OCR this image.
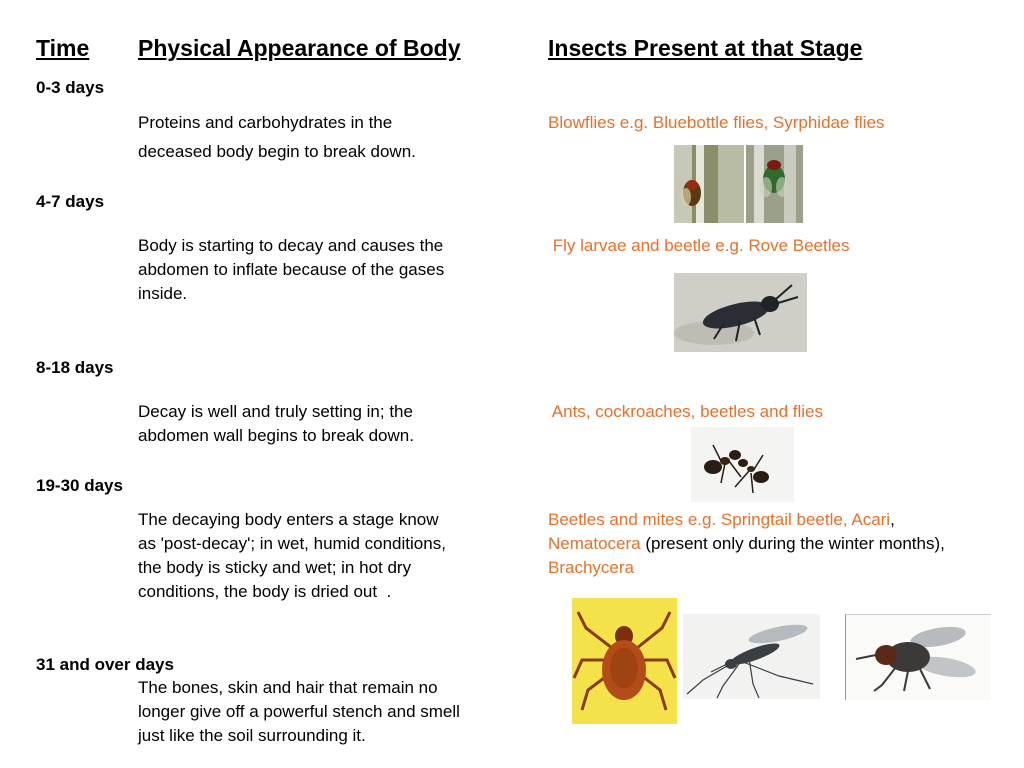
Time Physical Appearance of Body	Insects Present at that Stage
0-3 days
Proteins and carbohydrates in the
deceased body begin to break down.
Blowflies e.g. Bluebottle flies, Syrphidae flies
4-7 days
Body is starting to decay and causes the
abdomen to inflate because of the gases
inside.
Fly larvae and beetle e.g. Rove Beetles
8-18 days
Decay is well and truly setting in; the
abdomen wall begins to break down.
Ants, cockroaches, beetles and flies
19-30 days
The decaying body enters a stage know
as 'post-decay'; in wet, humid conditions,
the body is sticky and wet; in hot dry
conditions, the body is dried out  .
Beetles and mites e.g. Springtail beetle, Acari,
Nematocera (present only during the winter months),
Brachycera
31 and over days
The bones, skin and hair that remain no
longer give off a powerful stench and smell
just like the soil surrounding it.
